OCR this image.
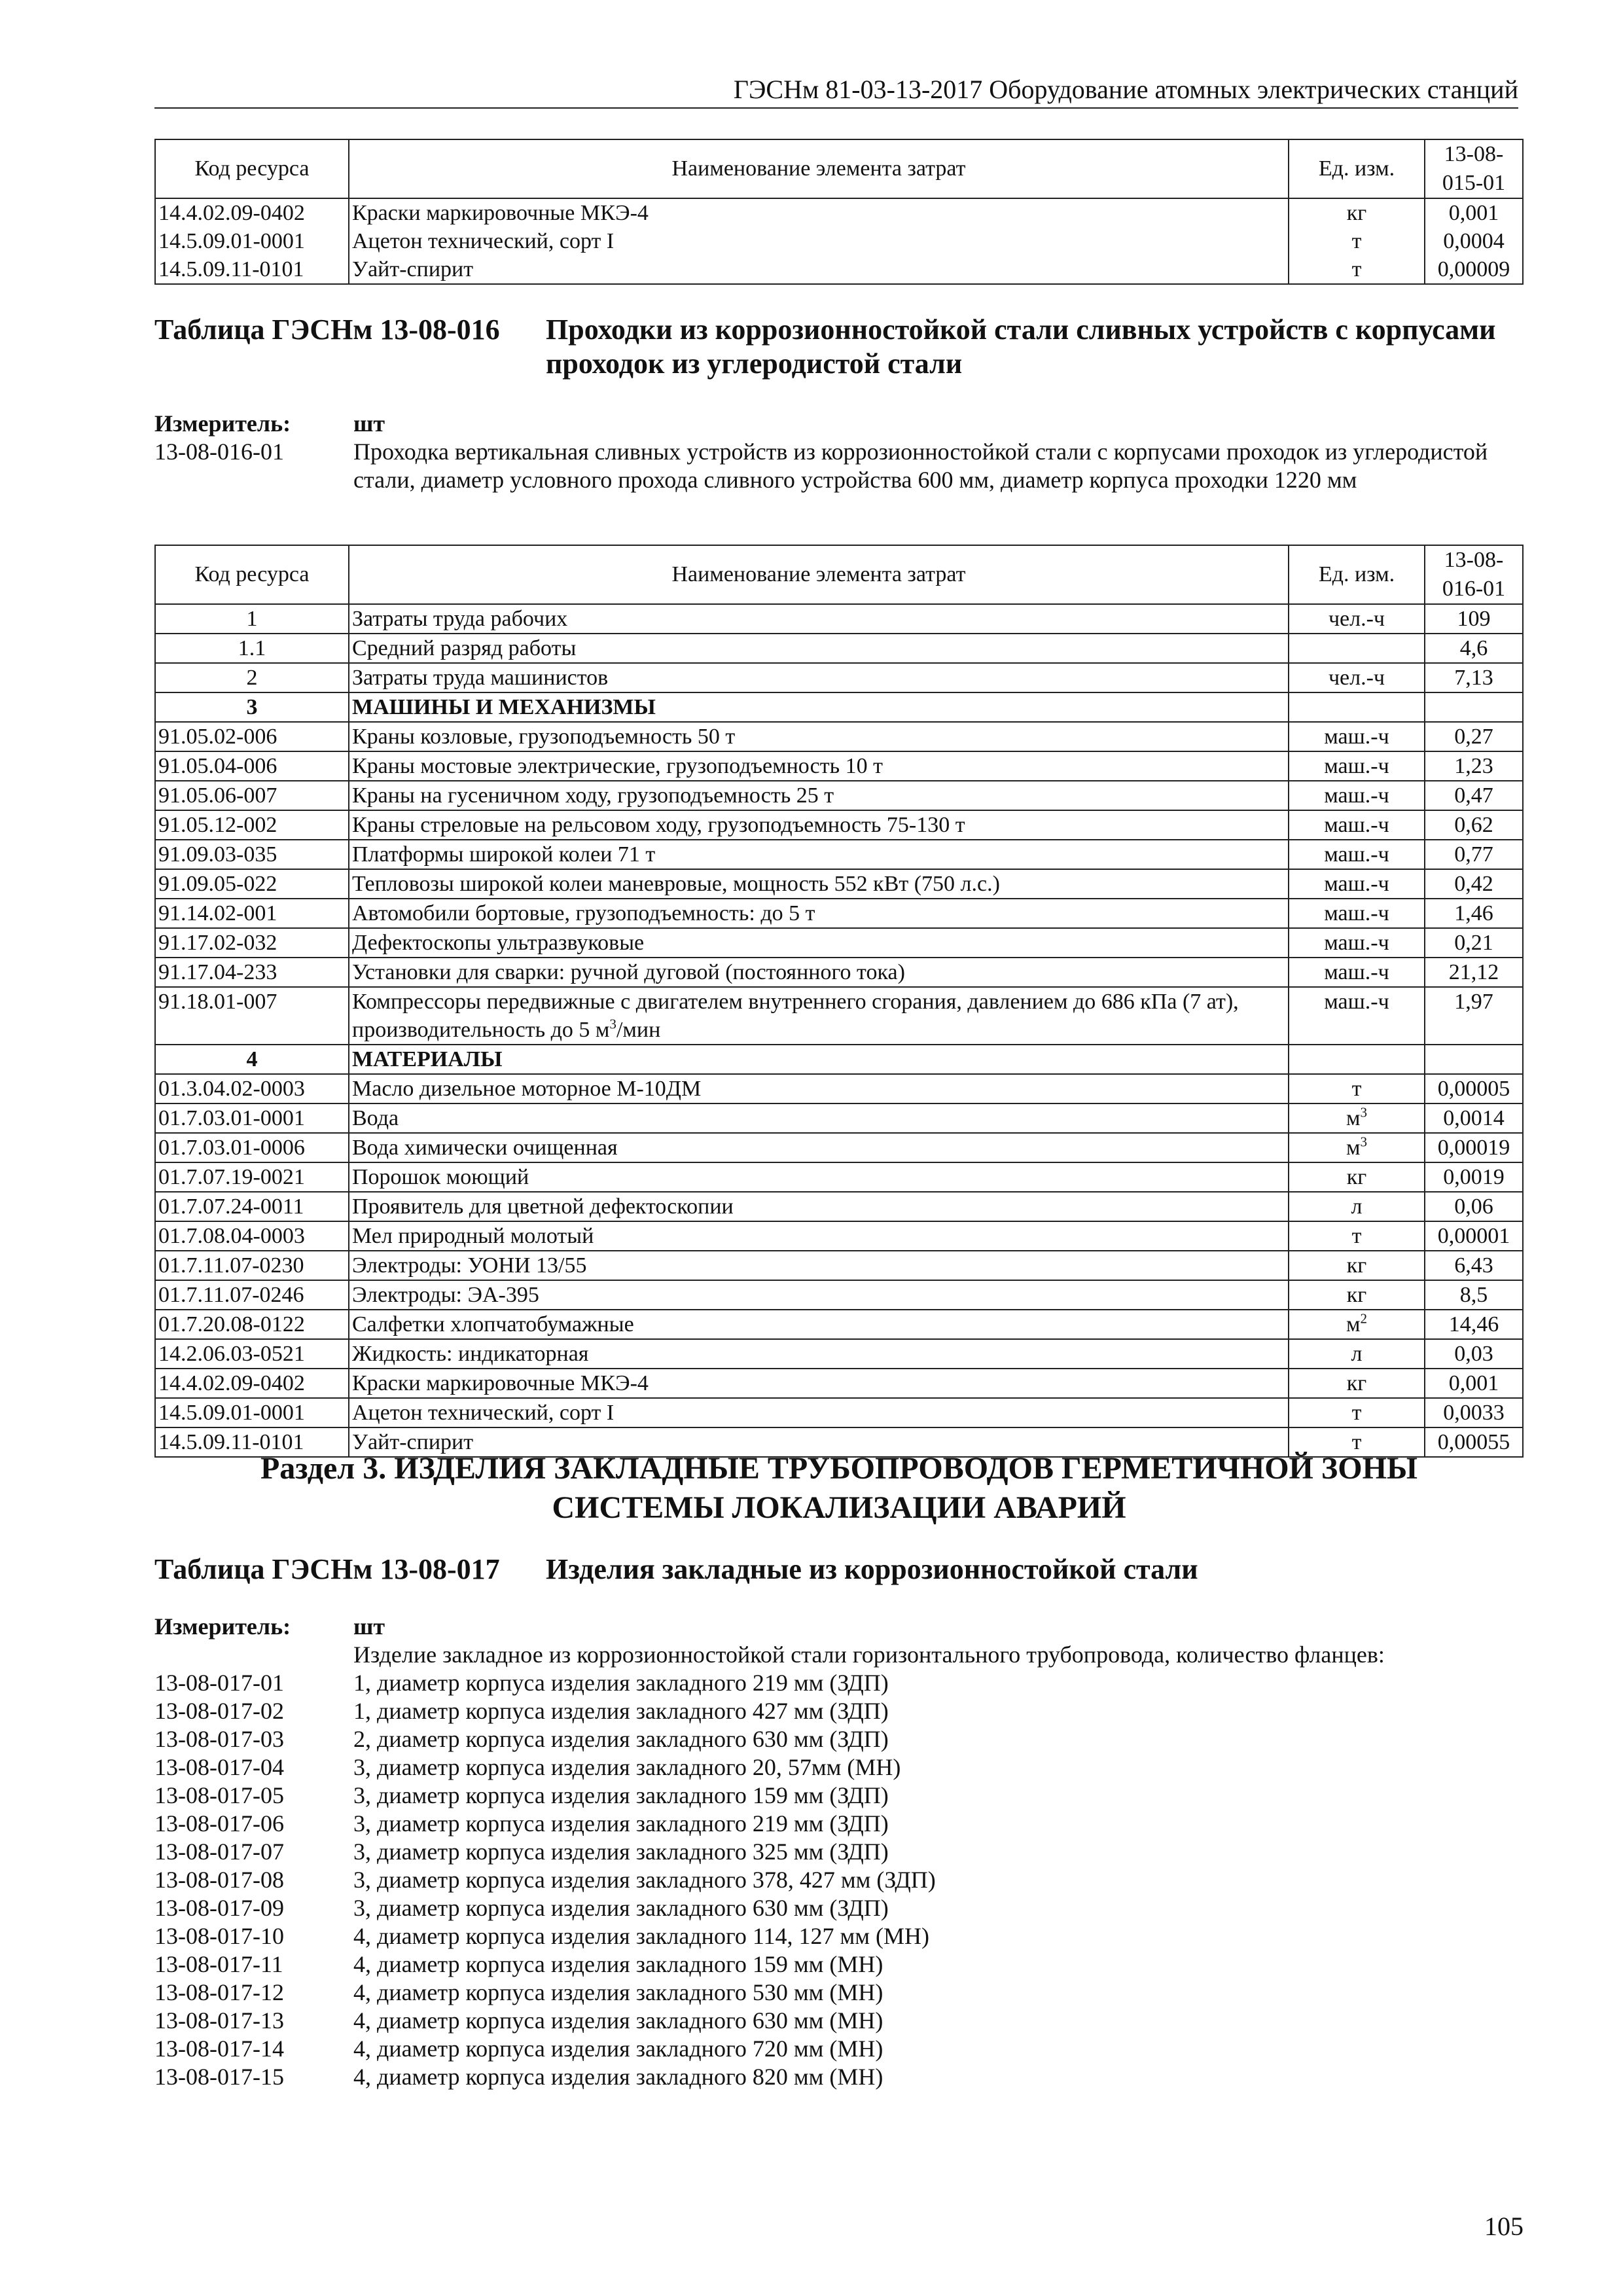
ГЭСНм 81-03-13-2017 Оборудование атомных электрических станций
Код ресурса	Наименование элемента затрат	Ед. изм.	13-08-015-01
14.4.02.09-0402	Краски маркировочные МКЭ-4	кг	0,001
14.5.09.01-0001	Ацетон технический, сорт I	т	0,0004
14.5.09.11-0101	Уайт-спирит	т	0,00009
Таблица ГЭСНм 13-08-016 Проходки из коррозионностойкой стали сливных устройств с корпусами проходок из углеродистой стали
Измеритель:	шт
13-08-016-01	Проходка вертикальная сливных устройств из коррозионностойкой стали с корпусами проходок из углеродистой стали, диаметр условного прохода сливного устройства 600 мм, диаметр корпуса проходки 1220 мм
Код ресурса	Наименование элемента затрат	Ед. изм.	13-08-016-01
1	Затраты труда рабочих	чел.-ч	109
1.1	Средний разряд работы		4,6
2	Затраты труда машинистов	чел.-ч	7,13
3	МАШИНЫ И МЕХАНИЗМЫ		
91.05.02-006	Краны козловые, грузоподъемность 50 т	маш.-ч	0,27
91.05.04-006	Краны мостовые электрические, грузоподъемность 10 т	маш.-ч	1,23
91.05.06-007	Краны на гусеничном ходу, грузоподъемность 25 т	маш.-ч	0,47
91.05.12-002	Краны стреловые на рельсовом ходу, грузоподъемность 75-130 т	маш.-ч	0,62
91.09.03-035	Платформы широкой колеи 71 т	маш.-ч	0,77
91.09.05-022	Тепловозы широкой колеи маневровые, мощность 552 кВт (750 л.с.)	маш.-ч	0,42
91.14.02-001	Автомобили бортовые, грузоподъемность: до 5 т	маш.-ч	1,46
91.17.02-032	Дефектоскопы ультразвуковые	маш.-ч	0,21
91.17.04-233	Установки для сварки: ручной дуговой (постоянного тока)	маш.-ч	21,12
91.18.01-007	Компрессоры передвижные с двигателем внутреннего сгорания, давлением до 686 кПа (7 ат), производительность до 5 $м^3$/мин	маш.-ч	1,97
4	МАТЕРИАЛЫ		
01.3.04.02-0003	Масло дизельное моторное М-10ДМ	т	0,00005
01.7.03.01-0001	Вода	$м^3$	0,0014
01.7.03.01-0006	Вода химически очищенная	$м^3$	0,00019
01.7.07.19-0021	Порошок моющий	кг	0,0019
01.7.07.24-0011	Проявитель для цветной дефектоскопии	л	0,06
01.7.08.04-0003	Мел природный молотый	т	0,00001
01.7.11.07-0230	Электроды: УОНИ 13/55	кг	6,43
01.7.11.07-0246	Электроды: ЭА-395	кг	8,5
01.7.20.08-0122	Салфетки хлопчатобумажные	$м^2$	14,46
14.2.06.03-0521	Жидкость: индикаторная	л	0,03
14.4.02.09-0402	Краски маркировочные МКЭ-4	кг	0,001
14.5.09.01-0001	Ацетон технический, сорт I	т	0,0033
14.5.09.11-0101	Уайт-спирит	т	0,00055
Раздел 3. ИЗДЕЛИЯ ЗАКЛАДНЫЕ ТРУБОПРОВОДОВ ГЕРМЕТИЧНОЙ ЗОНЫ
СИСТЕМЫ ЛОКАЛИЗАЦИИ АВАРИЙ
Таблица ГЭСНм 13-08-017 Изделия закладные из коррозионностойкой стали
Измеритель:	шт
Изделие закладное из коррозионностойкой стали горизонтального трубопровода, количество фланцев:
13-08-017-01	1, диаметр корпуса изделия закладного 219 мм (ЗДП)
13-08-017-02	1, диаметр корпуса изделия закладного 427 мм (ЗДП)
13-08-017-03	2, диаметр корпуса изделия закладного 630 мм (ЗДП)
13-08-017-04	3, диаметр корпуса изделия закладного 20, 57мм (МН)
13-08-017-05	3, диаметр корпуса изделия закладного 159 мм (ЗДП)
13-08-017-06	3, диаметр корпуса изделия закладного 219 мм (ЗДП)
13-08-017-07	3, диаметр корпуса изделия закладного 325 мм (ЗДП)
13-08-017-08	3, диаметр корпуса изделия закладного 378, 427 мм (ЗДП)
13-08-017-09	3, диаметр корпуса изделия закладного 630 мм (ЗДП)
13-08-017-10	4, диаметр корпуса изделия закладного 114, 127 мм (МН)
13-08-017-11	4, диаметр корпуса изделия закладного 159 мм (МН)
13-08-017-12	4, диаметр корпуса изделия закладного 530 мм (МН)
13-08-017-13	4, диаметр корпуса изделия закладного 630 мм (МН)
13-08-017-14	4, диаметр корпуса изделия закладного 720 мм (МН)
13-08-017-15	4, диаметр корпуса изделия закладного 820 мм (МН)
105
